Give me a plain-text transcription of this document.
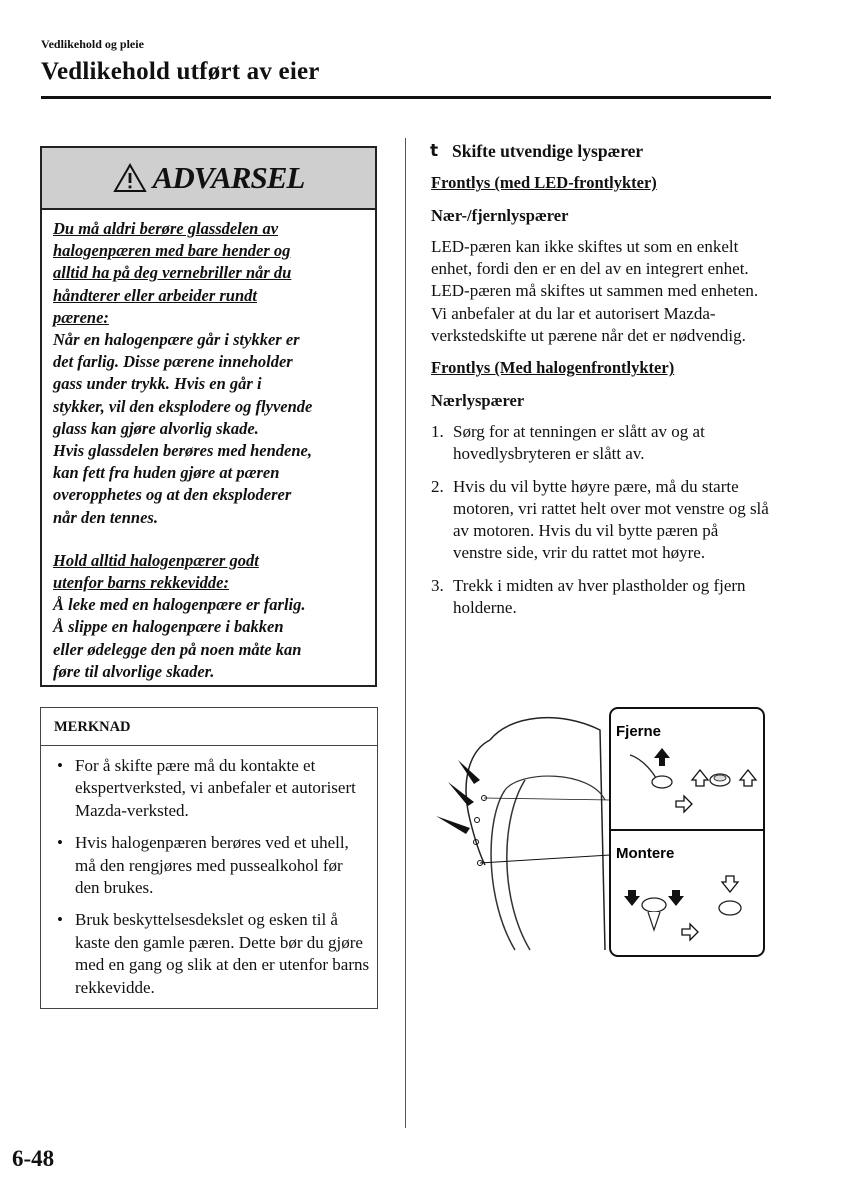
Vedlikehold og pleie
Vedlikehold utført av eier
ADVARSEL

Du må aldri berøre glassdelen av

halogenpæren med bare hender og

alltid ha på deg vernebriller når du

håndterer eller arbeider rundt

pærene:

Når en halogenpære går i stykker er

det farlig. Disse pærene inneholder

gass under trykk. Hvis en går i

stykker, vil den eksplodere og flyvende

glass kan gjøre alvorlig skade.

Hvis glassdelen berøres med hendene,

kan fett fra huden gjøre at pæren

overopphetes og at den eksploderer

når den tennes.

Hold alltid halogenpærer godt

utenfor barns rekkevidde:

Å leke med en halogenpære er farlig.

Å slippe en halogenpære i bakken

eller ødelegge den på noen måte kan

føre til alvorlige skader.

MERKNAD
• For å skifte pære må du kontakte et ekspertverksted, vi anbefaler et autorisert Mazda-verksted.
• Hvis halogenpæren berøres ved et uhell, må den rengjøres med pussealkohol før den brukes.
• Bruk beskyttelsesdekslet og esken til å kaste den gamle pæren. Dette bør du gjøre med en gang og slik at den er utenfor barns rekkevidde.
t Skifte utvendige lyspærer

Frontlys (med LED-frontlykter)

Nær-/fjernlyspærer

LED-pæren kan ikke skiftes ut som en enkelt enhet, fordi den er en del av en integrert enhet. LED-pæren må skiftes ut sammen med enheten. Vi anbefaler at du lar et autorisert Mazda-verkstedskifte ut pærene når det er nødvendig.

Frontlys (Med halogenfrontlykter)

Nærlyspærer

1. Sørg for at tenningen er slått av og at hovedlysbryteren er slått av.
2. Hvis du vil bytte høyre pære, må du starte motoren, vri rattet helt over mot venstre og slå av motoren. Hvis du vil bytte pæren på venstre side, vrir du rattet mot høyre.
3. Trekk i midten av hver plastholder og fjern holderne.
Fjerne
Montere
6-48
